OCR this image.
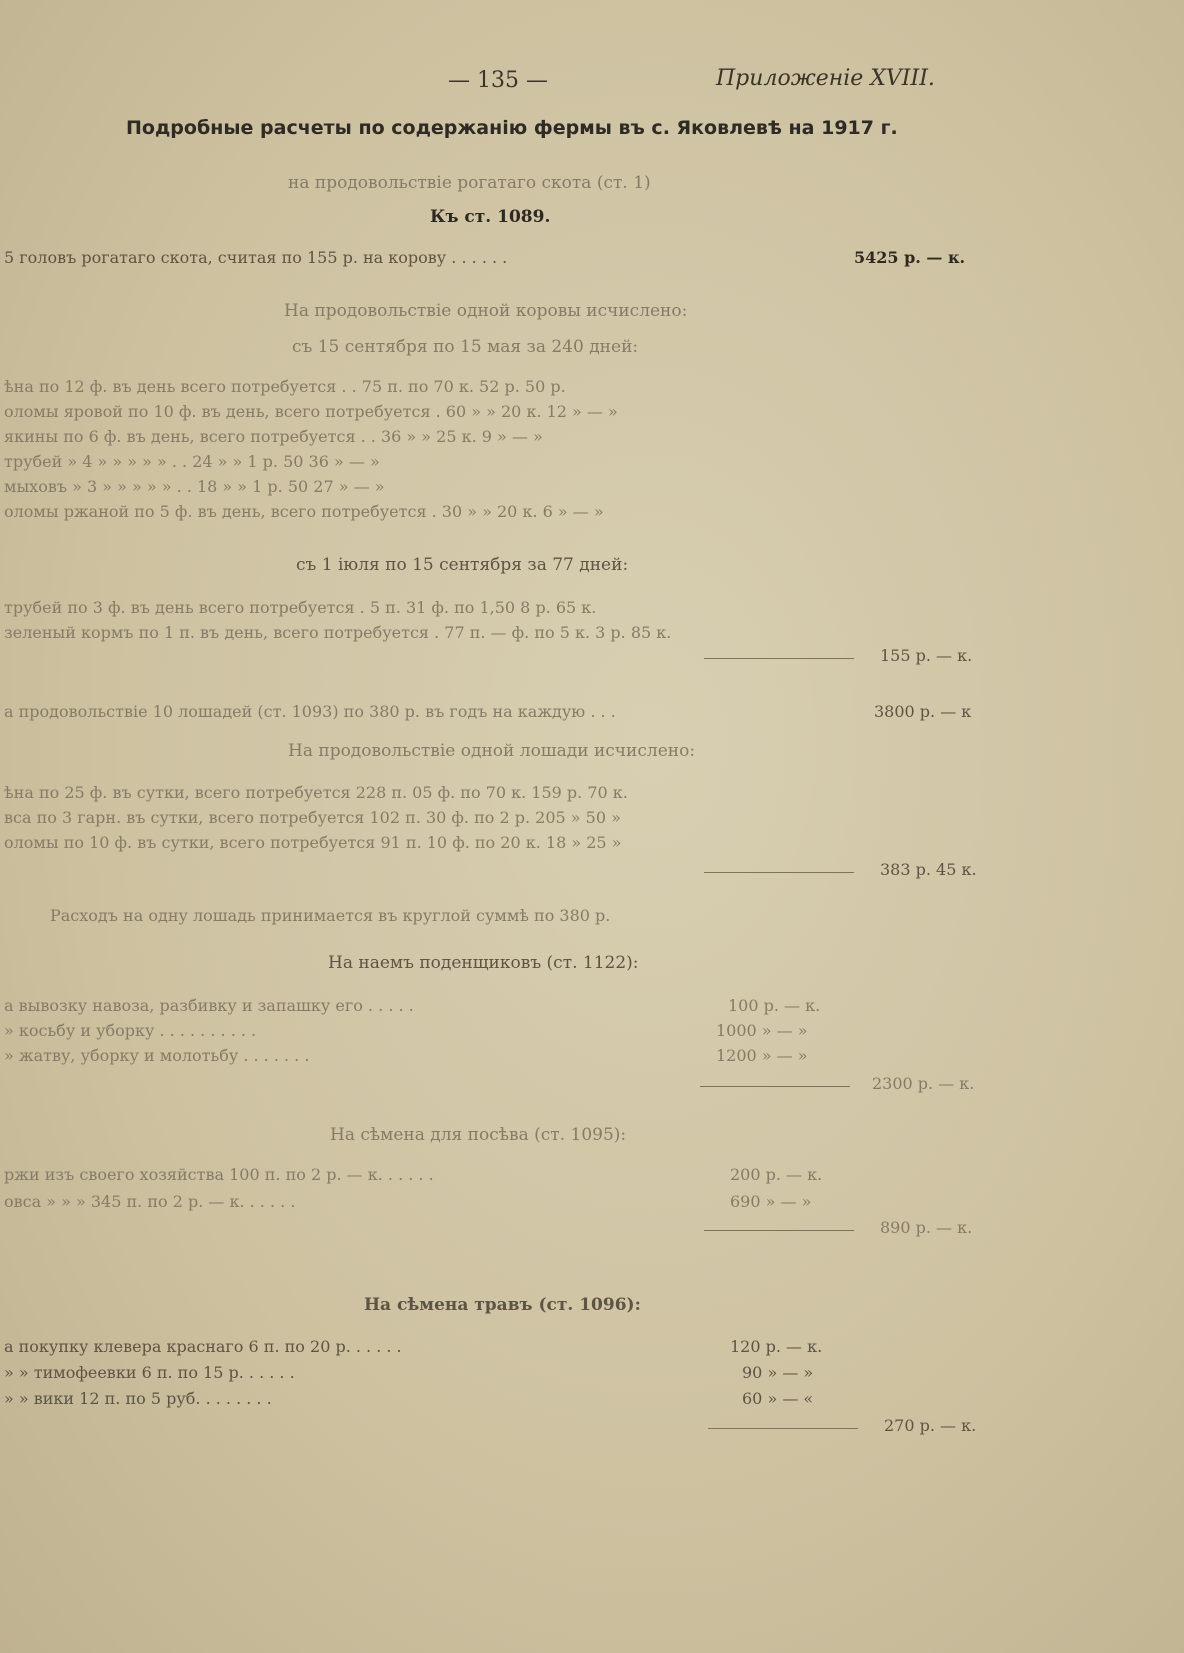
— 135 —	Приложеніе XVIII.
Подробные расчеты по содержанію фермы въ с. Яковлевѣ на 1917 г.
на продовольствіе рогатаго скота (ст. 1)
Къ ст. 1089.
5 головъ рогатаго скота, считая по 155 р. на корову . . . . . .	5425 р. — к.
На продовольствіе одной коровы исчислено:
съ 15 сентября по 15 мая за 240 дней:
ѣна по 12 ф. въ день всего потребуется . . 75 п. по 70 к. 52 р. 50 р.
оломы яровой по 10 ф. въ день, всего потребуется . 60 » » 20 к. 12 » — »
якины по 6 ф. въ день, всего потребуется . . 36 » » 25 к. 9 » — »
трубей » 4 » » » » » . . 24 » » 1 р. 50 36 » — »
мыховъ » 3 » » » » » . . 18 » » 1 р. 50 27 » — »
оломы ржаной по 5 ф. въ день, всего потребуется . 30 » » 20 к. 6 » — »
съ 1 іюля по 15 сентября за 77 дней:
трубей по 3 ф. въ день всего потребуется . 5 п. 31 ф. по 1,50 8 р. 65 к.
зеленый кормъ по 1 п. въ день, всего потребуется . 77 п. — ф. по 5 к. 3 р. 85 к.
155 р. — к.
а продовольствіе 10 лошадей (ст. 1093) по 380 р. въ годъ на каждую . . .	3800 р. — к
На продовольствіе одной лошади исчислено:
ѣна по 25 ф. въ сутки, всего потребуется 228 п. 05 ф. по 70 к. 159 р. 70 к.
вса по 3 гарн. въ сутки, всего потребуется 102 п. 30 ф. по 2 р. 205 » 50 »
оломы по 10 ф. въ сутки, всего потребуется 91 п. 10 ф. по 20 к. 18 » 25 »
383 р. 45 к.
Расходъ на одну лошадь принимается въ круглой суммѣ по 380 р.
На наемъ поденщиковъ (ст. 1122):
а вывозку навоза, разбивку и запашку его . . . . .	100 р. — к.
» косьбу и уборку . . . . . . . . . .	1000 » — »
» жатву, уборку и молотьбу . . . . . . .	1200 » — »
2300 р. — к.
На сѣмена для посѣва (ст. 1095):
ржи изъ своего хозяйства 100 п. по 2 р. — к. . . . . .	200 р. — к.
овса » » » 345 п. по 2 р. — к. . . . . .	690 » — »
890 р. — к.
На сѣмена травъ (ст. 1096):
а покупку клевера краснаго 6 п. по 20 р. . . . . .	120 р. — к.
» » тимофеевки 6 п. по 15 р. . . . . .	90 » — »
» » вики 12 п. по 5 руб. . . . . . . .	60 » — «
270 р. — к.
